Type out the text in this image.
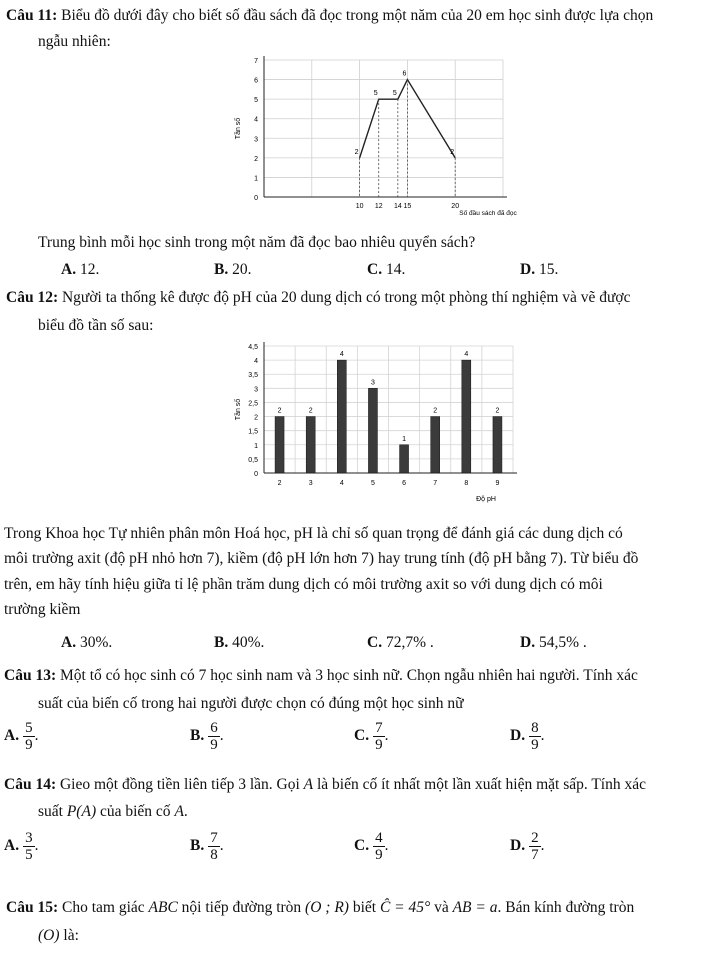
Câu 11: Biểu đồ dưới đây cho biết số đầu sách đã đọc trong một năm của 20 em học sinh được lựa chọn
ngẫu nhiên:
0
1
2
3
4
5
6
7
10 12 14 15	20
Tần số
Số đầu sách đã đọc
2
5 5
6
2
Trung bình mỗi học sinh trong một năm đã đọc bao nhiêu quyển sách?
A. 12.	B. 20.	C. 14.	D. 15.
Câu 12: Người ta thống kê được độ pH của 20 dung dịch có trong một phòng thí nghiệm và vẽ được
biểu đồ tần số sau:
0
0,5
1
1,5
2
2,5
3
3,5
4
4,5
2	3	4	5	6	7	8	9
2	2
4
3
1
2
4
2
Tần số
Độ pH
Trong Khoa học Tự nhiên phân môn Hoá học, pH là chỉ số quan trọng để đánh giá các dung dịch có
môi trường axit (độ pH nhỏ hơn 7), kiềm (độ pH lớn hơn 7) hay trung tính (độ pH bằng 7). Từ biểu đồ
trên, em hãy tính hiệu giữa tỉ lệ phần trăm dung dịch có môi trường axit so với dung dịch có môi
trường kiềm
A. 30%.	B. 40%.	C. 72,7% .	D. 54,5% .
Câu 13: Một tổ có học sinh có 7 học sinh nam và 3 học sinh nữ. Chọn ngẫu nhiên hai người. Tính xác
suất của biến cố trong hai người được chọn có đúng một học sinh nữ
A. $\frac{5}{9}$ .	B. $\frac{6}{9}$ .	C. $\frac{7}{9}$ .	D. $\frac{8}{9}$ .
Câu 14: Gieo một đồng tiền liên tiếp 3 lần. Gọi A là biến cố ít nhất một lần xuất hiện mặt sấp. Tính xác
suất P(A) của biến cố A.
A. $\frac{3}{5}$ .	B. $\frac{7}{8}$ .	C. $\frac{4}{9}$ .	D. $\frac{2}{7}$ .
Câu 15: Cho tam giác ABC nội tiếp đường tròn (O ; R) biết Ĉ = 45° và AB = a. Bán kính đường tròn
(O) là:
